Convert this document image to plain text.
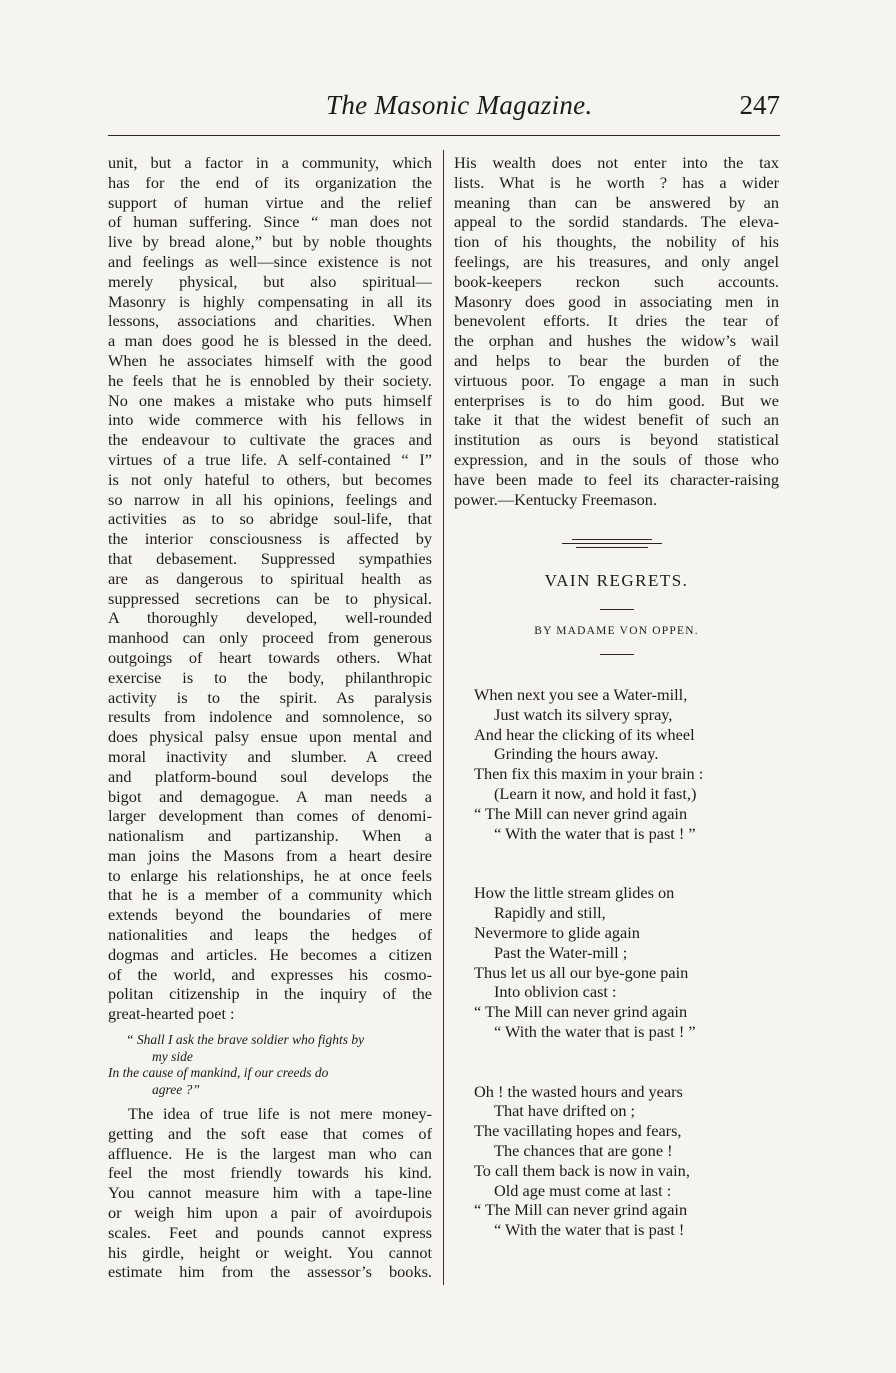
The Masonic Magazine.	247
unit, but a factor in a community, which
has for the end of its organization the
support of human virtue and the relief
of human suffering. Since “ man does not
live by bread alone,” but by noble thoughts
and feelings as well—since existence is not
merely physical, but also spiritual—
Masonry is highly compensating in all its
lessons, associations and charities. When
a man does good he is blessed in the deed.
When he associates himself with the good
he feels that he is ennobled by their society.
No one makes a mistake who puts himself
into wide commerce with his fellows in
the endeavour to cultivate the graces and
virtues of a true life. A self-contained “ I”
is not only hateful to others, but becomes
so narrow in all his opinions, feelings and
activities as to so abridge soul-life, that
the interior consciousness is affected by
that debasement. Suppressed sympathies
are as dangerous to spiritual health as
suppressed secretions can be to physical.
A thoroughly developed, well-rounded
manhood can only proceed from generous
outgoings of heart towards others. What
exercise is to the body, philanthropic
activity is to the spirit. As paralysis
results from indolence and somnolence, so
does physical palsy ensue upon mental and
moral inactivity and slumber. A creed
and platform-bound soul develops the
bigot and demagogue. A man needs a
larger development than comes of denomi-
nationalism and partizanship. When a
man joins the Masons from a heart desire
to enlarge his relationships, he at once feels
that he is a member of a community which
extends beyond the boundaries of mere
nationalities and leaps the hedges of
dogmas and articles. He becomes a citizen
of the world, and expresses his cosmo-
politan citizenship in the inquiry of the
great-hearted poet :
“ Shall I ask the brave soldier who fights by
my side
In the cause of mankind, if our creeds do
agree ?”
The idea of true life is not mere money-
getting and the soft ease that comes of
affluence. He is the largest man who can
feel the most friendly towards his kind.
You cannot measure him with a tape-line
or weigh him upon a pair of avoirdupois
scales. Feet and pounds cannot express
his girdle, height or weight. You cannot
estimate him from the assessor’s books.
His wealth does not enter into the tax
lists. What is he worth ? has a wider
meaning than can be answered by an
appeal to the sordid standards. The eleva-
tion of his thoughts, the nobility of his
feelings, are his treasures, and only angel
book-keepers reckon such accounts.
Masonry does good in associating men in
benevolent efforts. It dries the tear of
the orphan and hushes the widow’s wail
and helps to bear the burden of the
virtuous poor. To engage a man in such
enterprises is to do him good. But we
take it that the widest benefit of such an
institution as ours is beyond statistical
expression, and in the souls of those who
have been made to feel its character-raising
power.—Kentucky Freemason.
VAIN REGRETS.
BY MADAME VON OPPEN.
When next you see a Water-mill,
Just watch its silvery spray,
And hear the clicking of its wheel
Grinding the hours away.
Then fix this maxim in your brain :
(Learn it now, and hold it fast,)
“ The Mill can never grind again
“ With the water that is past ! ”
How the little stream glides on
Rapidly and still,
Nevermore to glide again
Past the Water-mill ;
Thus let us all our bye-gone pain
Into oblivion cast :
“ The Mill can never grind again
“ With the water that is past ! ”
Oh ! the wasted hours and years
That have drifted on ;
The vacillating hopes and fears,
The chances that are gone !
To call them back is now in vain,
Old age must come at last :
“ The Mill can never grind again
“ With the water that is past !
